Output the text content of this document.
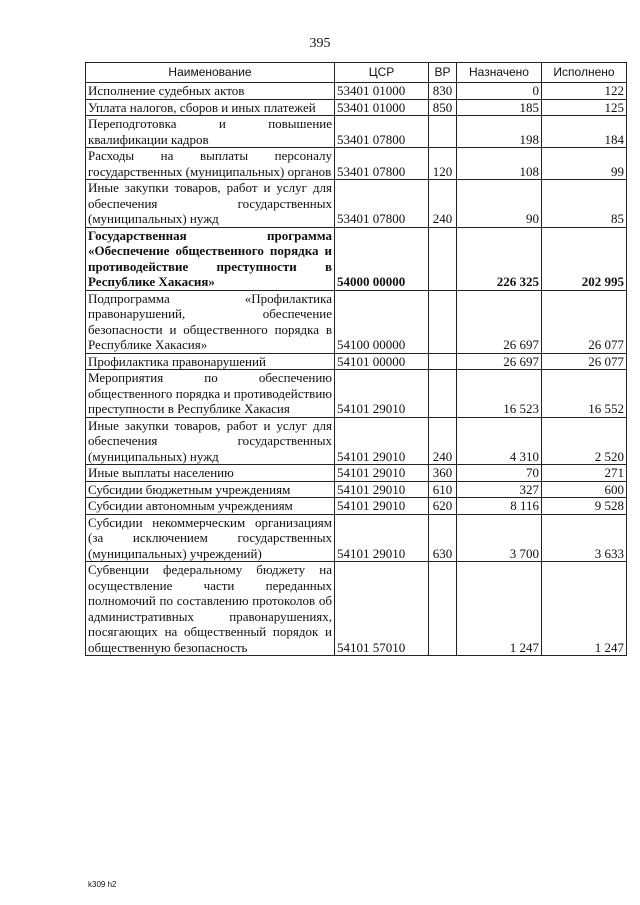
395
Наименование	ЦСР	ВР	Назначено	Исполнено
Исполнение судебных актов	53401 01000	830	0	122
Уплата налогов, сборов и иных платежей	53401 01000	850	185	125
Переподготовка и повышение квалификации кадров	53401 07800		198	184
Расходы на выплаты персоналу государственных (муниципальных) органов	53401 07800	120	108	99
Иные закупки товаров, работ и услуг для обеспечения государственных (муниципальных) нужд	53401 07800	240	90	85
Государственная программа «Обеспечение общественного порядка и противодействие преступности в Республике Хакасия»	54000 00000		226 325	202 995
Подпрограмма «Профилактика правонарушений, обеспечение безопасности и общественного порядка в Республике Хакасия»	54100 00000		26 697	26 077
Профилактика правонарушений	54101 00000		26 697	26 077
Мероприятия по обеспечению общественного порядка и противодействию преступности в Республике Хакасия	54101 29010		16 523	16 552
Иные закупки товаров, работ и услуг для обеспечения государственных (муниципальных) нужд	54101 29010	240	4 310	2 520
Иные выплаты населению	54101 29010	360	70	271
Субсидии бюджетным учреждениям	54101 29010	610	327	600
Субсидии автономным учреждениям	54101 29010	620	8 116	9 528
Субсидии некоммерческим организациям (за исключением государственных (муниципальных) учреждений)	54101 29010	630	3 700	3 633
Субвенции федеральному бюджету на осуществление части переданных полномочий по составлению протоколов об административных правонарушениях, посягающих на общественный порядок и общественную безопасность	54101 57010		1 247	1 247
k309 h2
